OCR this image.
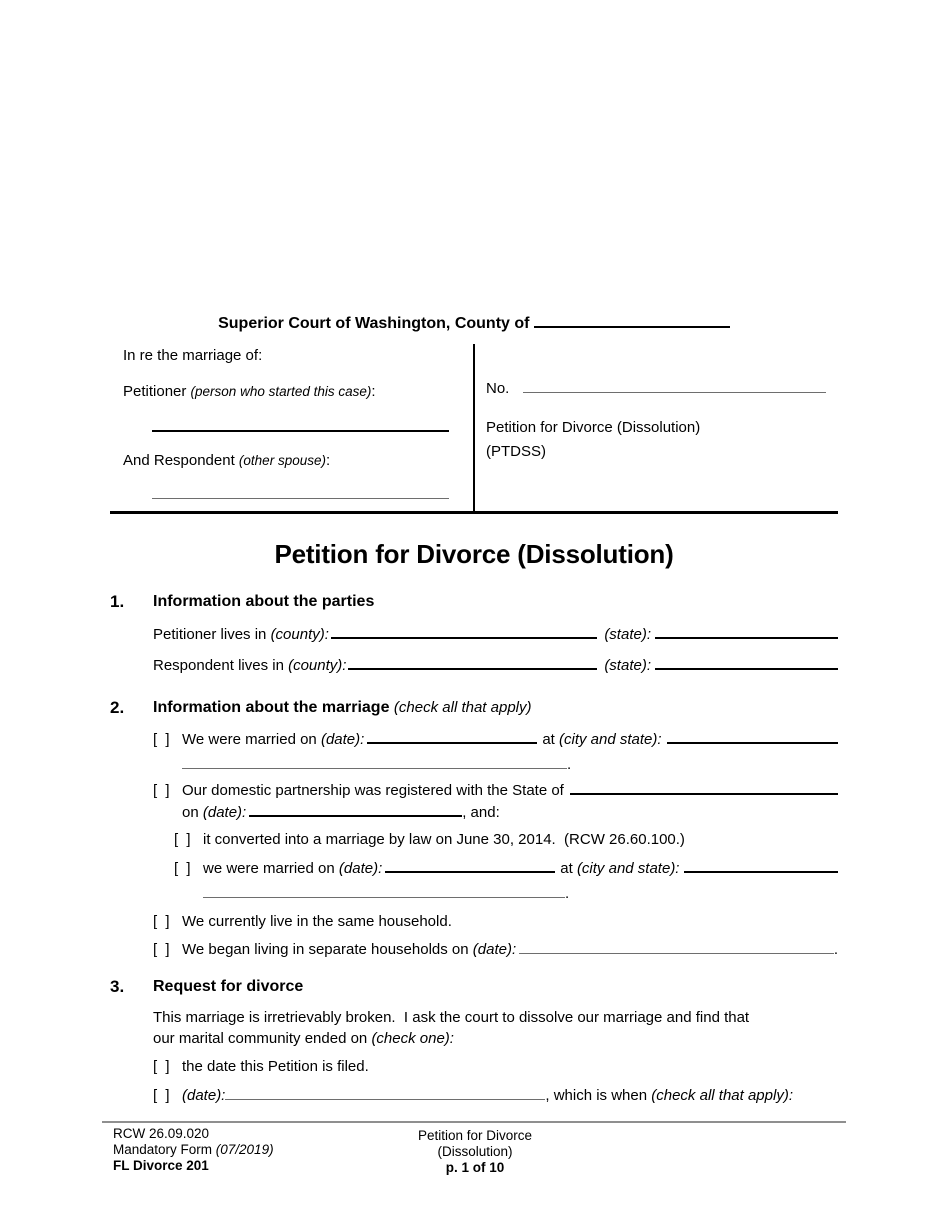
Superior Court of Washington, County of
In re the marriage of:
Petitioner (person who started this case):
And Respondent (other spouse):
No.
Petition for Divorce (Dissolution)
(PTDSS)
Petition for Divorce (Dissolution)
1.	Information about the parties
Petitioner lives in (county):	(state):
Respondent lives in (county):	(state):
2.	Information about the marriage (check all that apply)
[ ] We were married on (date):	at (city and state):
.
[ ] Our domestic partnership was registered with the State of
on (date):	, and:
[ ] it converted into a marriage by law on June 30, 2014.  (RCW 26.60.100.)
[ ] we were married on (date):	at (city and state):
.
[ ] We currently live in the same household.
[ ] We began living in separate households on (date):	.
3.	Request for divorce
This marriage is irretrievably broken.  I ask the court to dissolve our marriage and find that
our marital community ended on (check one):
[ ] the date this Petition is filed.
[ ] (date):	, which is when (check all that apply):
Petition for Divorce
(Dissolution)
p. 1 of 10
RCW 26.09.020
Mandatory Form (07/2019)
FL Divorce 201
